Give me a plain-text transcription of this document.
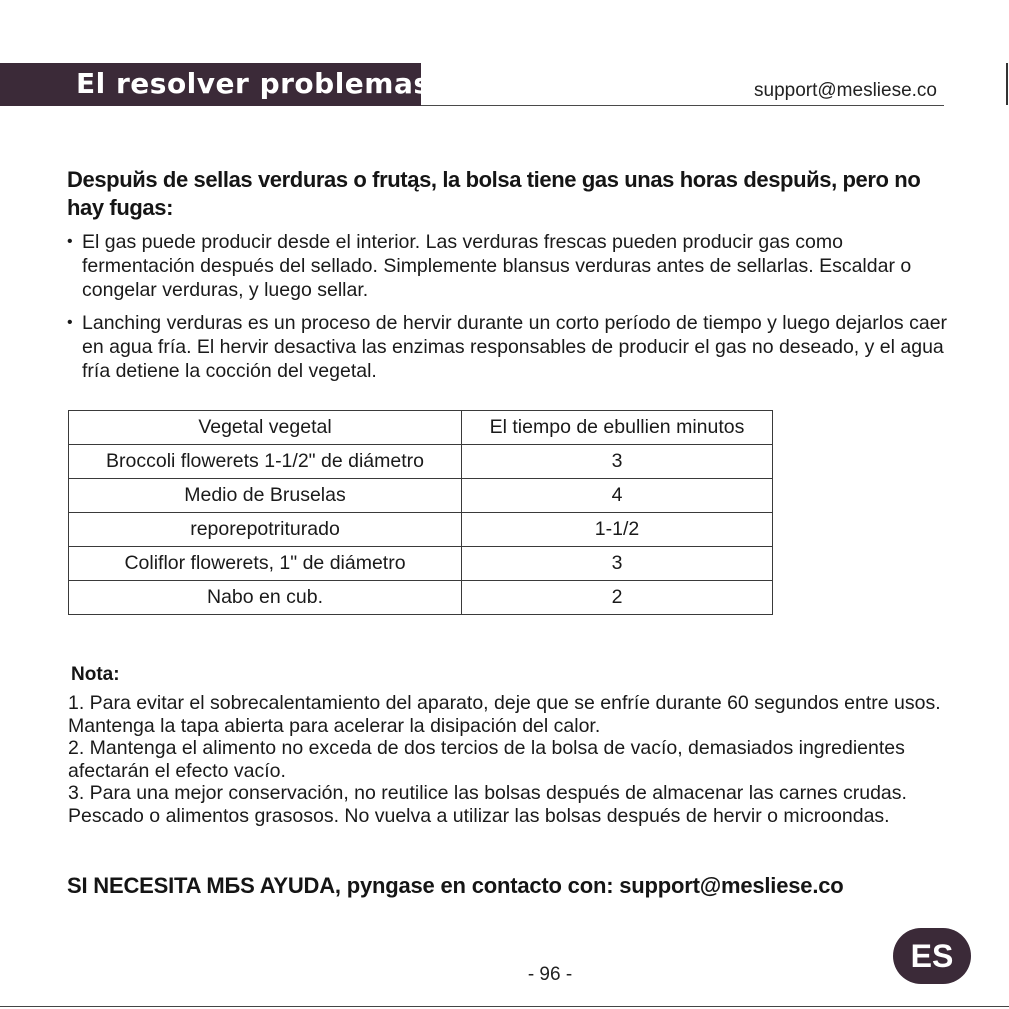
El resolver problemas	support@mesliese.co
Despuйs de sellas verduras o frutąs, la bolsa tiene gas unas horas despuйs, pero no hay fugas:
• El gas puede producir desde el interior. Las verduras frescas pueden producir gas como fermentación después del sellado. Simplemente blansus verduras antes de sellarlas. Escaldar o congelar verduras, y luego sellar.
• Lanching verduras es un proceso de hervir durante un corto período de tiempo y luego dejarlos caer en agua fría. El hervir desactiva las enzimas responsables de producir el gas no deseado, y el agua fría detiene la cocción del vegetal.
Vegetal vegetal	El tiempo de ebullien minutos
Broccoli flowerets 1-1/2" de diámetro	3
Medio de Bruselas	4
reporepotriturado	1-1/2
Coliflor flowerets, 1" de diámetro	3
Nabo en cub.	2
Nota:

1. Para evitar el sobrecalentamiento del aparato, deje que se enfríe durante 60 segundos entre usos. Mantenga la tapa abierta para acelerar la disipación del calor.

2. Mantenga el alimento no exceda de dos tercios de la bolsa de vacío, demasiados ingredientes afectarán el efecto vacío.

3. Para una mejor conservación, no reutilice las bolsas después de almacenar las carnes crudas. Pescado o alimentos grasosos. No vuelva a utilizar las bolsas después de hervir o microondas.

SI NECESITA MБS AYUDA, pyngase en contacto con: support@mesliese.co
- 96 -
ES
